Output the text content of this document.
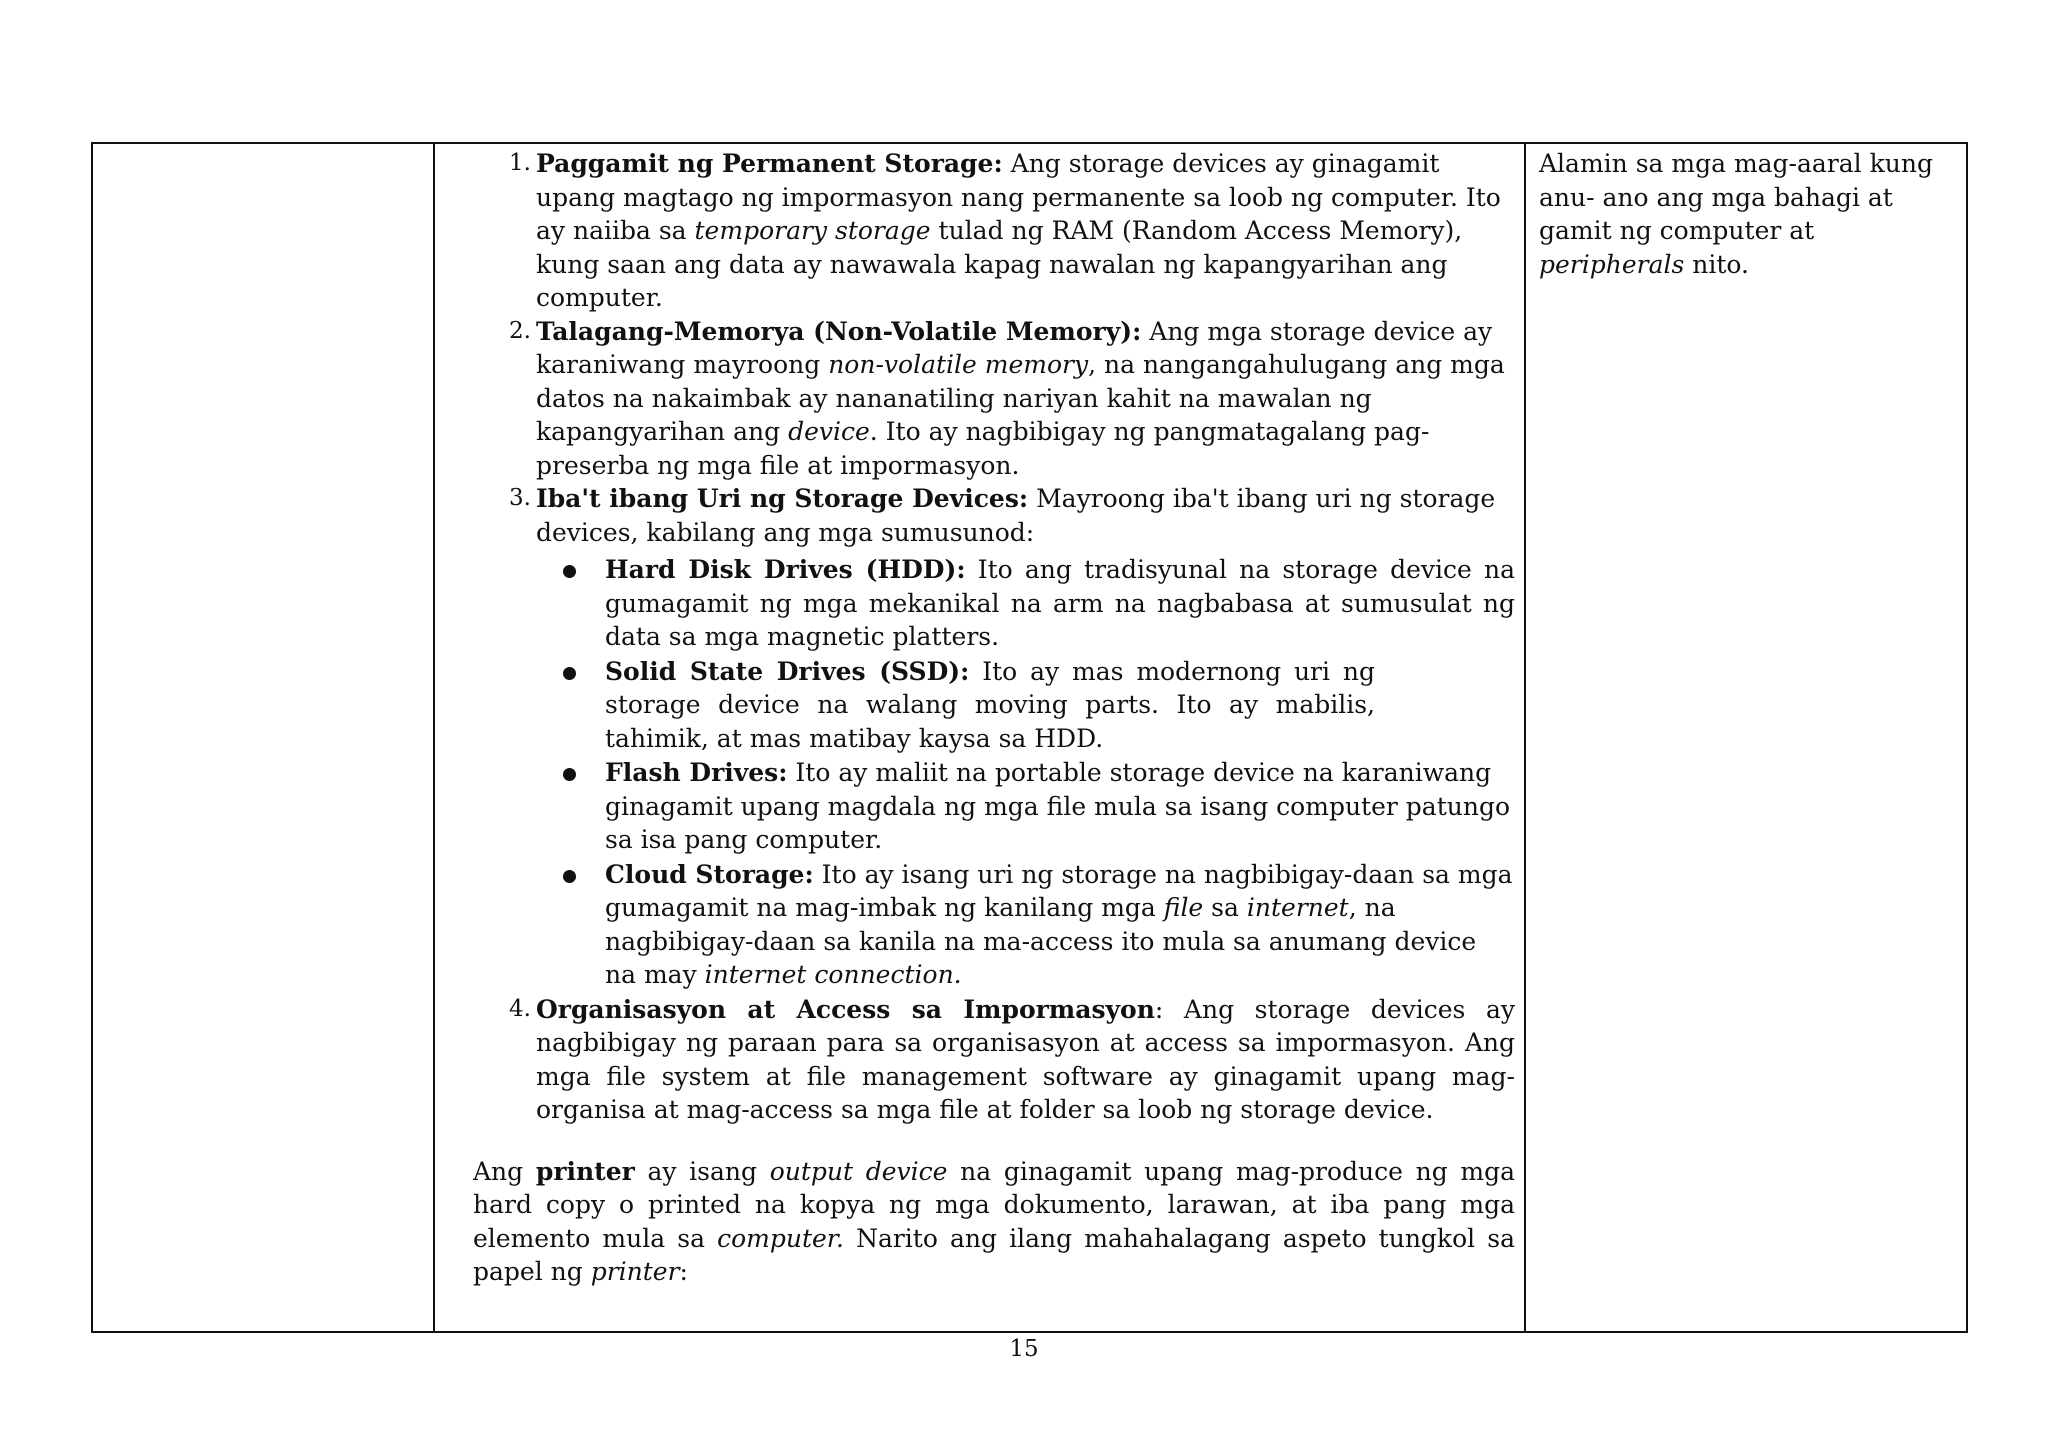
1. Paggamit ng Permanent Storage: Ang storage devices ay ginagamit upang magtago ng impormasyon nang permanente sa loob ng computer. Ito ay naiiba sa temporary storage tulad ng RAM (Random Access Memory), kung saan ang data ay nawawala kapag nawalan ng kapangyarihan ang computer.
2. Talagang-Memorya (Non-Volatile Memory): Ang mga storage device ay karaniwang mayroong non-volatile memory, na nangangahulugang ang mga datos na nakaimbak ay nananatiling nariyan kahit na mawalan ng kapangyarihan ang device. Ito ay nagbibigay ng pangmatagalang pag-preserba ng mga file at impormasyon.
3. Iba't ibang Uri ng Storage Devices: Mayroong iba't ibang uri ng storage devices, kabilang ang mga sumusunod:
Hard Disk Drives (HDD): Ito ang tradisyunal na storage device na gumagamit ng mga mekanikal na arm na nagbabasa at sumusulat ng data sa mga magnetic platters.
Solid State Drives (SSD): Ito ay mas modernong uri ng storage device na walang moving parts. Ito ay mabilis, tahimik, at mas matibay kaysa sa HDD.
Flash Drives: Ito ay maliit na portable storage device na karaniwang ginagamit upang magdala ng mga file mula sa isang computer patungo sa isa pang computer.
Cloud Storage: Ito ay isang uri ng storage na nagbibigay-daan sa mga gumagamit na mag-imbak ng kanilang mga file sa internet, na nagbibigay-daan sa kanila na ma-access ito mula sa anumang device na may internet connection.
4. Organisasyon at Access sa Impormasyon: Ang storage devices ay nagbibigay ng paraan para sa organisasyon at access sa impormasyon. Ang mga file system at file management software ay ginagamit upang mag-organisa at mag-access sa mga file at folder sa loob ng storage device.

Ang printer ay isang output device na ginagamit upang mag-produce ng mga hard copy o printed na kopya ng mga dokumento, larawan, at iba pang mga elemento mula sa computer. Narito ang ilang mahahalagang aspeto tungkol sa papel ng printer:

Alamin sa mga mag-aaral kung anu- ano ang mga bahagi at gamit ng computer at peripherals nito.
15
